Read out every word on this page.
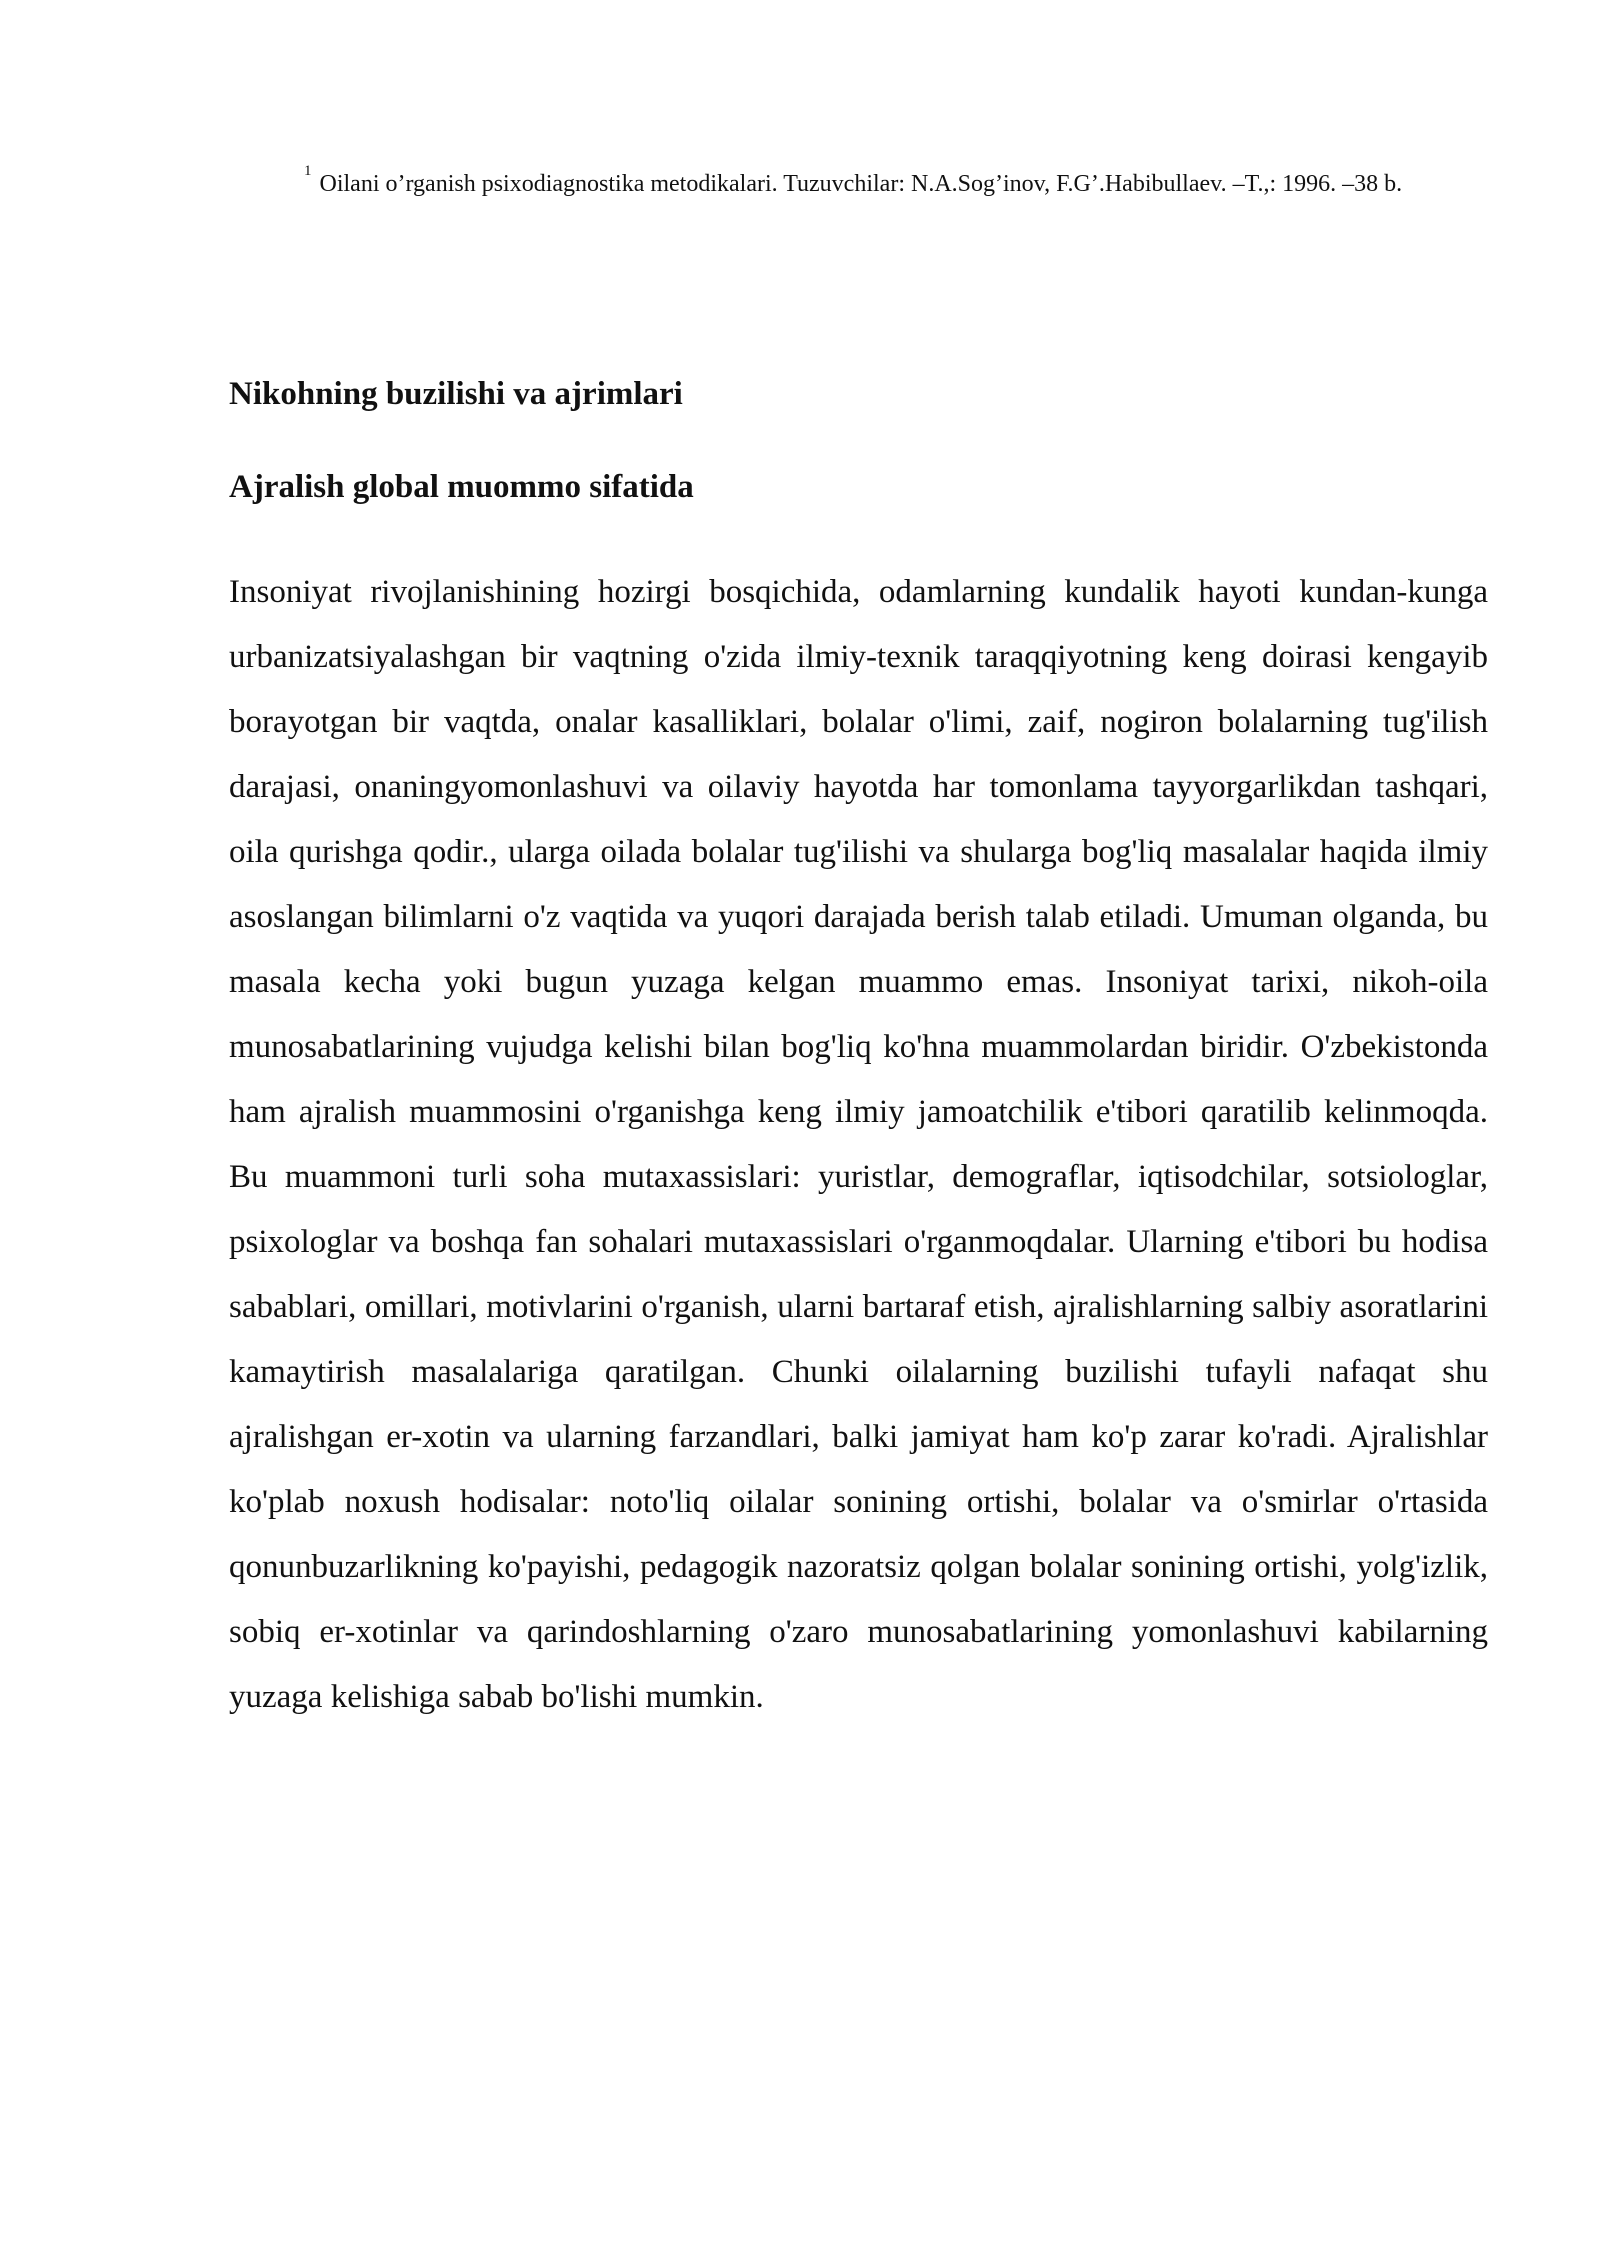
$^1$ Oilani o’rganish psixodiagnostika metodikalari. Tuzuvchilar: N.A.Sog’inov, F.G’.Habibullaev. –T.,: 1996. –38 b.
Nikohning buzilishi va ajrimlari
Ajralish global muommo sifatida

Insoniyat rivojlanishining hozirgi bosqichida, odamlarning kundalik hayoti kundan-kunga urbanizatsiyalashgan bir vaqtning o'zida ilmiy-texnik taraqqiyotning keng doirasi kengayib borayotgan bir vaqtda, onalar kasalliklari, bolalar o'limi, zaif, nogiron bolalarning tug'ilish darajasi, onaningyomonlashuvi va oilaviy hayotda har tomonlama tayyorgarlikdan tashqari, oila qurishga qodir., ularga oilada bolalar tug'ilishi va shularga bog'liq masalalar haqida ilmiy asoslangan bilimlarni o'z vaqtida va yuqori darajada berish talab etiladi. Umuman olganda, bu masala kecha yoki bugun yuzaga kelgan muammo emas. Insoniyat tarixi, nikoh-oila munosabatlarining vujudga kelishi bilan bog'liq ko'hna muammolardan biridir. O'zbekistonda ham ajralish muammosini o'rganishga keng ilmiy jamoatchilik e'tibori qaratilib kelinmoqda. Bu muammoni turli soha mutaxassislari: yuristlar, demograflar, iqtisodchilar, sotsiologlar, psixologlar va boshqa fan sohalari mutaxassislari o'rganmoqdalar. Ularning e'tibori bu hodisa sabablari, omillari, motivlarini o'rganish, ularni bartaraf etish, ajralishlarning salbiy asoratlarini kamaytirish masalalariga qaratilgan. Chunki oilalarning buzilishi tufayli nafaqat shu ajralishgan er-xotin va ularning farzandlari, balki jamiyat ham ko'p zarar ko'radi. Ajralishlar ko'plab noxush hodisalar: noto'liq oilalar sonining ortishi, bolalar va o'smirlar o'rtasida qonunbuzarlikning ko'payishi, pedagogik nazoratsiz qolgan bolalar sonining ortishi, yolg'izlik, sobiq er-xotinlar va qarindoshlarning o'zaro munosabatlarining yomonlashuvi kabilarning yuzaga kelishiga sabab bo'lishi mumkin.
